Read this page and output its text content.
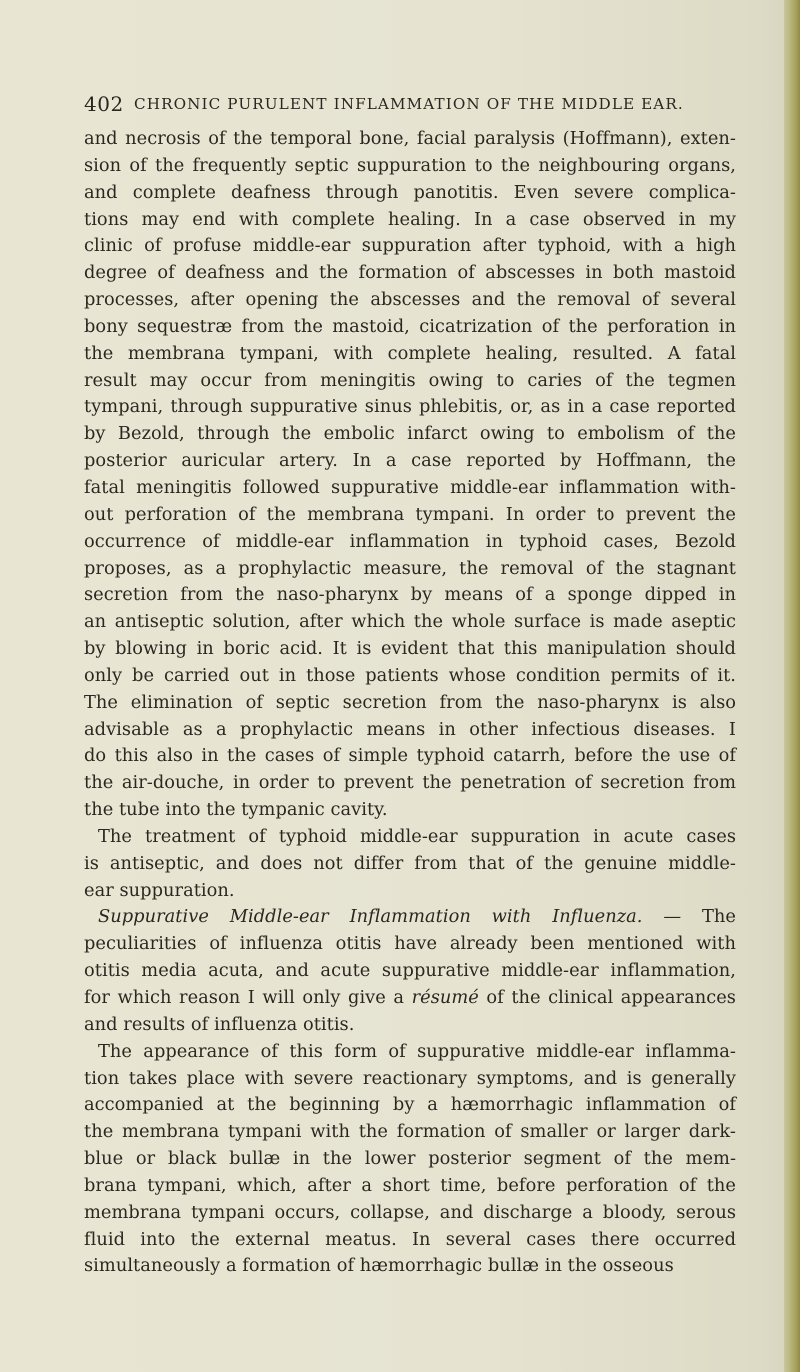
402 CHRONIC PURULENT INFLAMMATION OF THE MIDDLE EAR.
and necrosis of the temporal bone, facial paralysis (Hoffmann), exten-
sion of the frequently septic suppuration to the neighbouring organs,
and complete deafness through panotitis. Even severe complica-
tions may end with complete healing. In a case observed in my
clinic of profuse middle-ear suppuration after typhoid, with a high
degree of deafness and the formation of abscesses in both mastoid
processes, after opening the abscesses and the removal of several
bony sequestræ from the mastoid, cicatrization of the perforation in
the membrana tympani, with complete healing, resulted. A fatal
result may occur from meningitis owing to caries of the tegmen
tympani, through suppurative sinus phlebitis, or, as in a case reported
by Bezold, through the embolic infarct owing to embolism of the
posterior auricular artery. In a case reported by Hoffmann, the
fatal meningitis followed suppurative middle-ear inflammation with-
out perforation of the membrana tympani. In order to prevent the
occurrence of middle-ear inflammation in typhoid cases, Bezold
proposes, as a prophylactic measure, the removal of the stagnant
secretion from the naso-pharynx by means of a sponge dipped in
an antiseptic solution, after which the whole surface is made aseptic
by blowing in boric acid. It is evident that this manipulation should
only be carried out in those patients whose condition permits of it.
The elimination of septic secretion from the naso-pharynx is also
advisable as a prophylactic means in other infectious diseases. I
do this also in the cases of simple typhoid catarrh, before the use of
the air-douche, in order to prevent the penetration of secretion from
the tube into the tympanic cavity.
The treatment of typhoid middle-ear suppuration in acute cases
is antiseptic, and does not differ from that of the genuine middle-
ear suppuration.
Suppurative Middle-ear Inflammation with Influenza. — The
peculiarities of influenza otitis have already been mentioned with
otitis media acuta, and acute suppurative middle-ear inflammation,
for which reason I will only give a résumé of the clinical appearances
and results of influenza otitis.
The appearance of this form of suppurative middle-ear inflamma-
tion takes place with severe reactionary symptoms, and is generally
accompanied at the beginning by a hæmorrhagic inflammation of
the membrana tympani with the formation of smaller or larger dark-
blue or black bullæ in the lower posterior segment of the mem-
brana tympani, which, after a short time, before perforation of the
membrana tympani occurs, collapse, and discharge a bloody, serous
fluid into the external meatus. In several cases there occurred
simultaneously a formation of hæmorrhagic bullæ in the osseous
